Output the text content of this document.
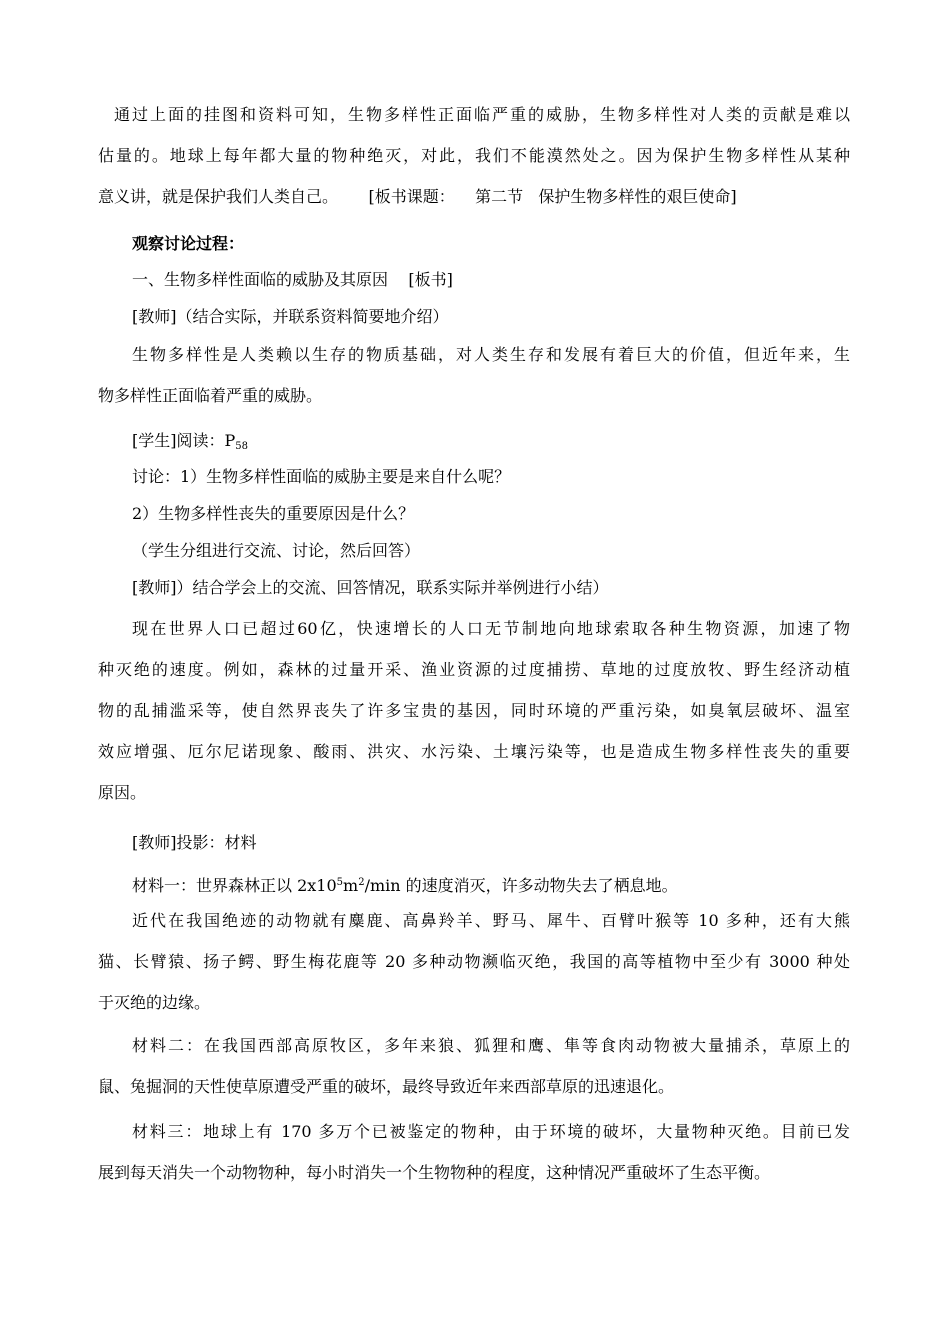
通过上面的挂图和资料可知，生物多样性正面临严重的威胁，生物多样性对人类的贡献是难以
估量的。地球上每年都大量的物种绝灭，对此，我们不能漠然处之。因为保护生物多样性从某种
意义讲，就是保护我们人类自己。      [板书课题：    第二节   保护生物多样性的艰巨使命]
观察讨论过程：
一、生物多样性面临的威胁及其原因    [板书]
[教师]（结合实际，并联系资料简要地介绍）
生物多样性是人类赖以生存的物质基础，对人类生存和发展有着巨大的价值，但近年来，生
物多样性正面临着严重的威胁。
[学生]阅读：$P_{58}$
讨论：1）生物多样性面临的威胁主要是来自什么呢？
2）生物多样性丧失的重要原因是什么？
（学生分组进行交流、讨论，然后回答）
[教师]）结合学会上的交流、回答情况，联系实际并举例进行小结）
现在世界人口已超过60亿，快速增长的人口无节制地向地球索取各种生物资源，加速了物
种灭绝的速度。例如，森林的过量开采、渔业资源的过度捕捞、草地的过度放牧、野生经济动植
物的乱捕滥采等，使自然界丧失了许多宝贵的基因，同时环境的严重污染，如臭氧层破坏、温室
效应增强、厄尔尼诺现象、酸雨、洪灾、水污染、土壤污染等，也是造成生物多样性丧失的重要
原因。
[教师]投影：材料
材料一：世界森林正以 $2x10^5m^2/\min$ 的速度消灭，许多动物失去了栖息地。
近代在我国绝迹的动物就有麋鹿、高鼻羚羊、野马、犀牛、百臂叶猴等 10 多种，还有大熊
猫、长臂猿、扬子鳄、野生梅花鹿等 20 多种动物濒临灭绝，我国的高等植物中至少有 3000 种处
于灭绝的边缘。
材料二：在我国西部高原牧区，多年来狼、狐狸和鹰、隼等食肉动物被大量捕杀，草原上的
鼠、兔掘洞的天性使草原遭受严重的破坏，最终导致近年来西部草原的迅速退化。
材料三：地球上有 170 多万个已被鉴定的物种，由于环境的破坏，大量物种灭绝。目前已发
展到每天消失一个动物物种，每小时消失一个生物物种的程度，这种情况严重破坏了生态平衡。
